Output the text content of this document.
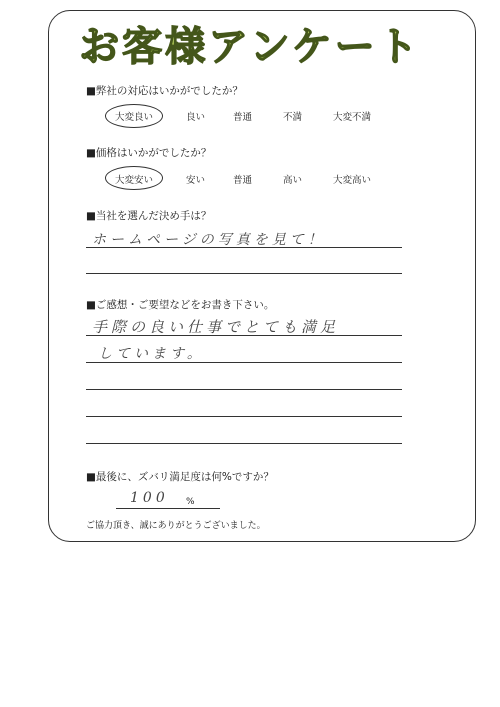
お客様アンケート
■弊社の対応はいかがでしたか？
大変良い	良い	普通	不満	大変不満
■価格はいかがでしたか？
大変安い	安い	普通	高い	大変高い
■当社を選んだ決め手は？
ホームページの写真を見て！
■ご感想・ご要望などをお書き下さい。
手際の良い仕事でとても満足
しています。
■最後に、ズバリ満足度は何%ですか？
100 %
ご協力頂き、誠にありがとうございました。
